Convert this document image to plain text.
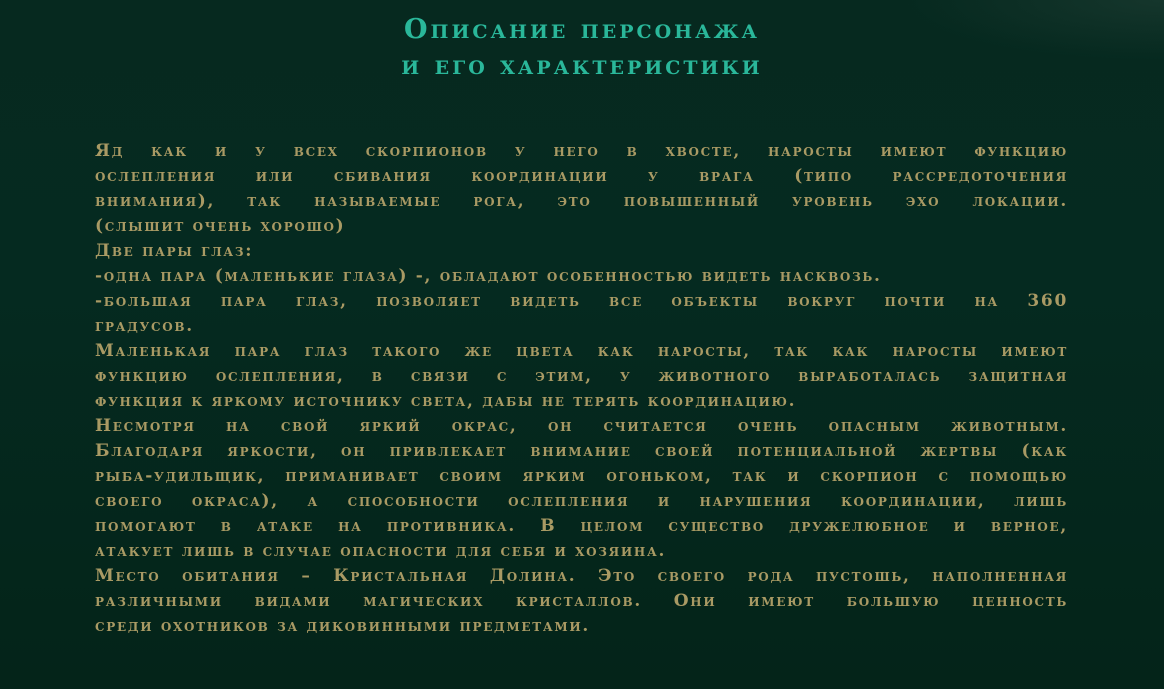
Описание персонажа
и его характеристики
Яд как и у всех скорпионов у него в хвосте, наросты имеют функцию
ослепления или сбивания координации у врага (типо рассредоточения
внимания), так называемые рога, это повышенный уровень эхо локации.
(слышит очень хорошо)
Две пары глаз:
-одна пара (маленькие глаза) -, обладают особенностью видеть насквозь.
-большая пара глаз, позволяет видеть все объекты вокруг почти на 360
градусов.
Маленькая пара глаз такого же цвета как наросты, так как наросты имеют
функцию ослепления, в связи с этим, у животного выработалась защитная
функция к яркому источнику света, дабы не терять координацию.
Несмотря на свой яркий окрас, он считается очень опасным животным.
Благодаря яркости, он привлекает внимание своей потенциальной жертвы (как
рыба-удильщик, приманивает своим ярким огоньком, так и скорпион с помощью
своего окраса), а способности ослепления и нарушения координации, лишь
помогают в атаке на противника. В целом существо дружелюбное и верное,
атакует лишь в случае опасности для себя и хозяина.
Место обитания – Кристальная Долина. Это своего рода пустошь, наполненная
различными видами магических кристаллов. Они имеют большую ценность
среди охотников за диковинными предметами.
